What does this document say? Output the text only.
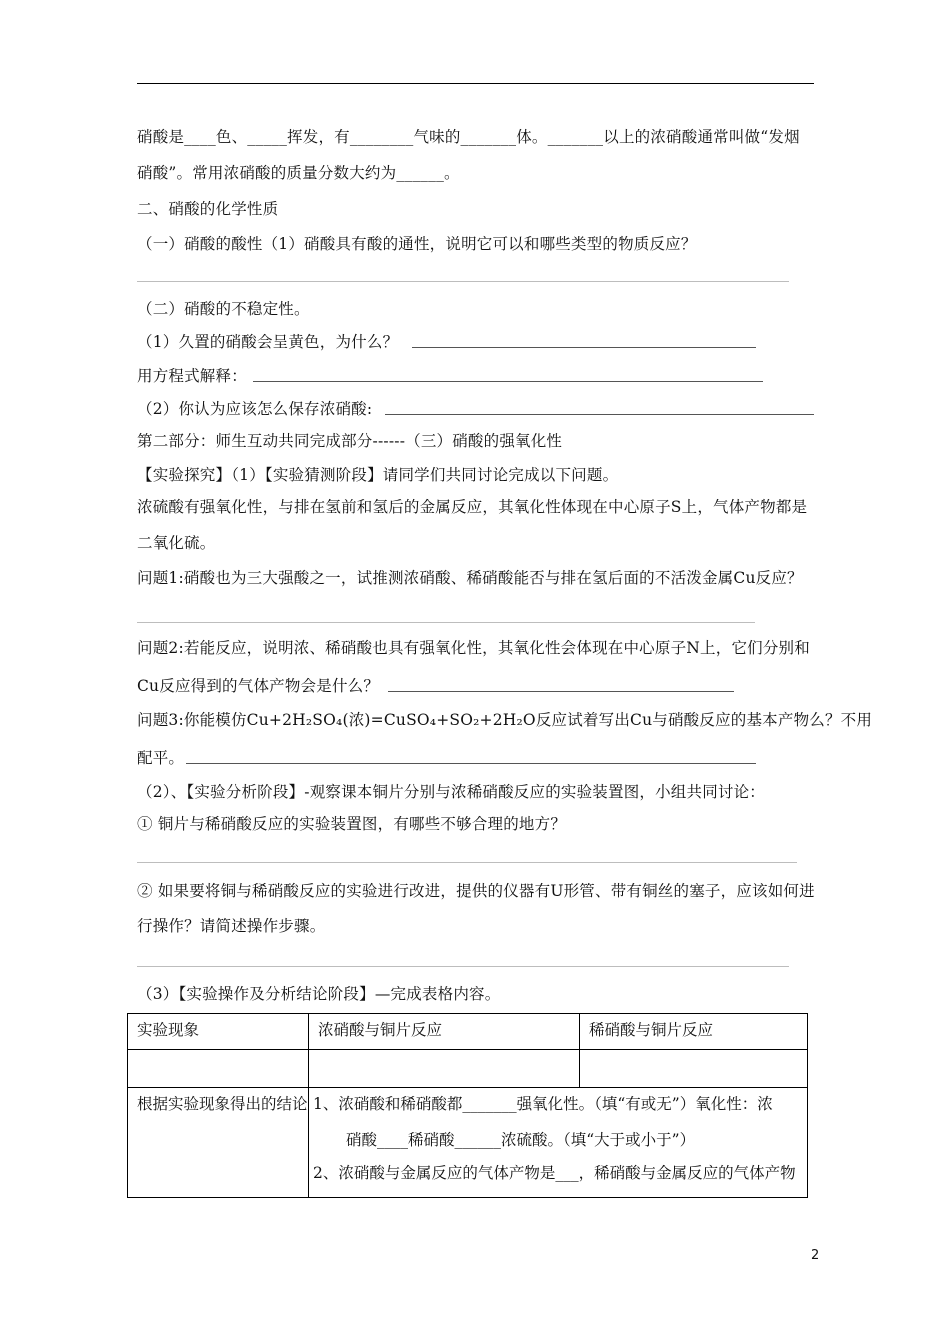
硝酸是____色、_____挥发，有________气味的_______体。_______以上的浓硝酸通常叫做“发烟
硝酸”。常用浓硝酸的质量分数大约为______。
二、硝酸的化学性质
（一）硝酸的酸性（1）硝酸具有酸的通性，说明它可以和哪些类型的物质反应？
（二）硝酸的不稳定性。
（1）久置的硝酸会呈黄色，为什么？
用方程式解释：
（2）你认为应该怎么保存浓硝酸:
第二部分：师生互动共同完成部分------（三）硝酸的强氧化性
【实验探究】（1）【实验猜测阶段】请同学们共同讨论完成以下问题。
浓硫酸有强氧化性，与排在氢前和氢后的金属反应，其氧化性体现在中心原子S上，气体产物都是
二氧化硫。
问题1:硝酸也为三大强酸之一，试推测浓硝酸、稀硝酸能否与排在氢后面的不活泼金属Cu反应？
问题2:若能反应，说明浓、稀硝酸也具有强氧化性，其氧化性会体现在中心原子N上，它们分别和
Cu反应得到的气体产物会是什么？
问题3:你能模仿Cu+2H₂SO₄(浓)=CuSO₄+SO₂+2H₂O反应试着写出Cu与硝酸反应的基本产物么？不用
配平。
（2）、【实验分析阶段】-观察课本铜片分别与浓稀硝酸反应的实验装置图，小组共同讨论：
① 铜片与稀硝酸反应的实验装置图，有哪些不够合理的地方？
② 如果要将铜与稀硝酸反应的实验进行改进，提供的仪器有U形管、带有铜丝的塞子，应该如何进
行操作？请简述操作步骤。
（3）【实验操作及分析结论阶段】—完成表格内容。
实验现象	浓硝酸与铜片反应	稀硝酸与铜片反应

根据实验现象得出的结论	1、浓硝酸和稀硝酸都_______强氧化性。（填“有或无”）氧化性：浓
硝酸____稀硝酸______浓硫酸。（填“大于或小于”）
2、浓硝酸与金属反应的气体产物是___，稀硝酸与金属反应的气体产物	
2
